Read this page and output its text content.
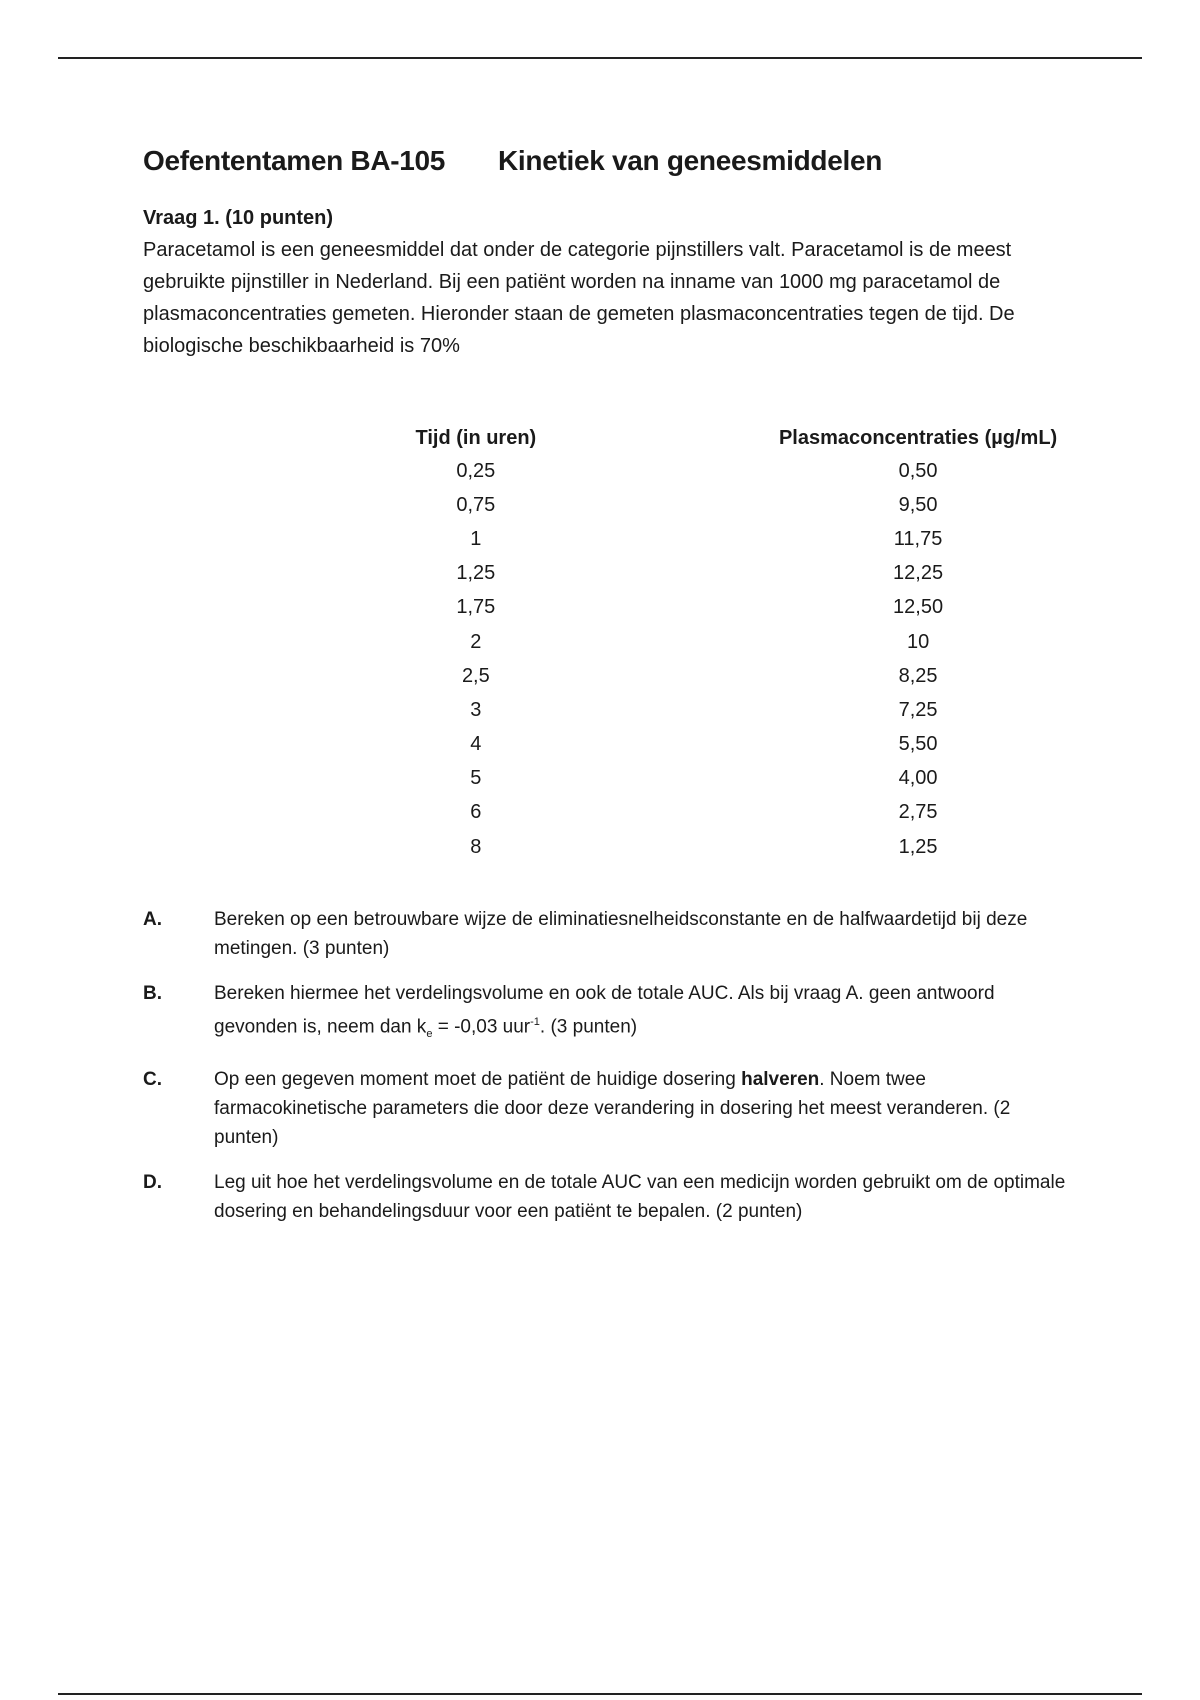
Oefententamen BA-105 Kinetiek van geneesmiddelen
Vraag 1. (10 punten)
Paracetamol is een geneesmiddel dat onder de categorie pijnstillers valt. Paracetamol is de meest gebruikte pijnstiller in Nederland. Bij een patiënt worden na inname van 1000 mg paracetamol de plasmaconcentraties gemeten. Hieronder staan de gemeten plasmaconcentraties tegen de tijd. De biologische beschikbaarheid is 70%
Tijd (in uren)		Plasmaconcentraties (µg/mL)
0,25		0,50
0,75		9,50
1		11,75
1,25		12,25
1,75		12,50
2		10
2,5		8,25
3		7,25
4		5,50
5		4,00
6		2,75
8		1,25
A.	Bereken op een betrouwbare wijze de eliminatiesnelheidsconstante en de halfwaardetijd bij deze metingen. (3 punten)
B.	Bereken hiermee het verdelingsvolume en ook de totale AUC. Als bij vraag A. geen antwoord gevonden is, neem dan $k_e = -0,03$ uur$^{-1}$. (3 punten)
C.	Op een gegeven moment moet de patiënt de huidige dosering halveren. Noem twee farmacokinetische parameters die door deze verandering in dosering het meest veranderen. (2 punten)
D.	Leg uit hoe het verdelingsvolume en de totale AUC van een medicijn worden gebruikt om de optimale dosering en behandelingsduur voor een patiënt te bepalen. (2 punten)
